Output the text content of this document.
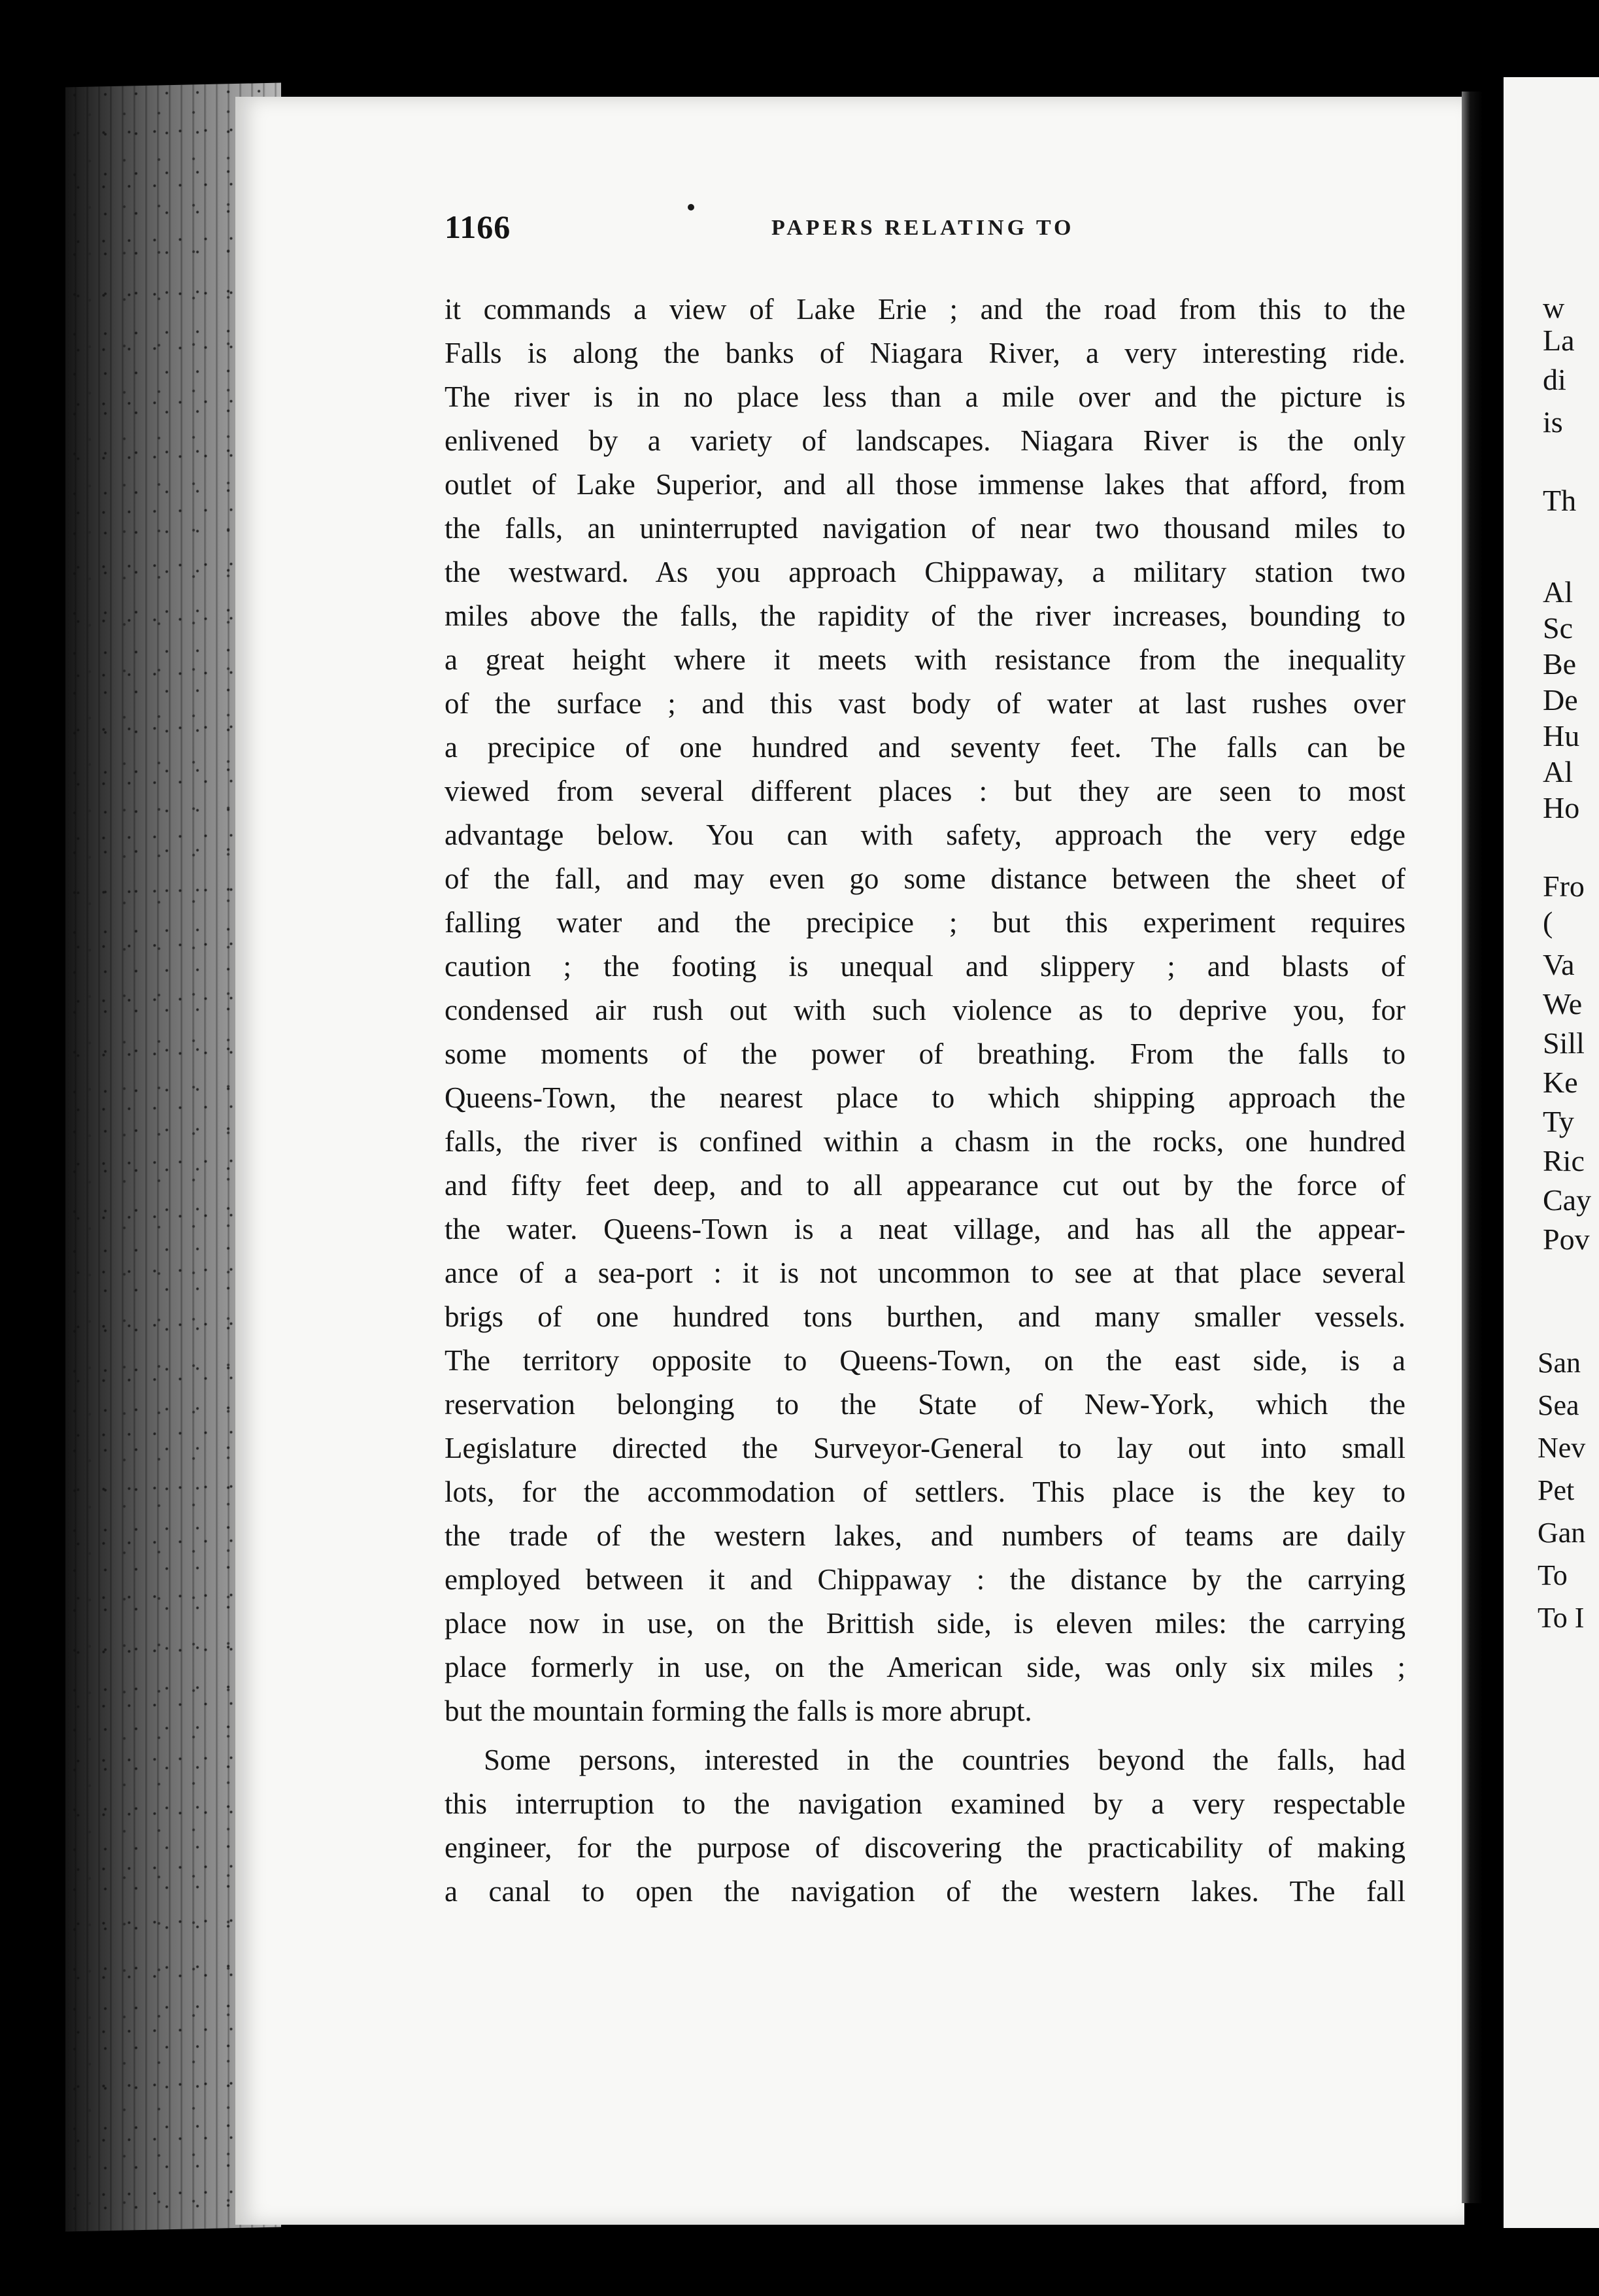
w
La
di
is
Th
Al
Sc
Be
De
Hu
Al
Ho
Fro
(
Va
We
Sill
Ke
Ty
Ric
Cay
Pov
San
Sea
Nev
Pet
Gan
To
To I
1166	PAPERS RELATING TO
it commands a view of Lake Erie ; and the road from this to the
Falls is along the banks of Niagara River, a very interesting ride.
The river is in no place less than a mile over and the picture is
enlivened by a variety of landscapes. Niagara River is the only
outlet of Lake Superior, and all those immense lakes that afford, from
the falls, an uninterrupted navigation of near two thousand miles to
the westward. As you approach Chippaway, a military station two
miles above the falls, the rapidity of the river increases, bounding to
a great height where it meets with resistance from the inequality
of the surface ; and this vast body of water at last rushes over
a precipice of one hundred and seventy feet. The falls can be
viewed from several different places : but they are seen to most
advantage below. You can with safety, approach the very edge
of the fall, and may even go some distance between the sheet of
falling water and the precipice ; but this experiment requires
caution ; the footing is unequal and slippery ; and blasts of
condensed air rush out with such violence as to deprive you, for
some moments of the power of breathing. From the falls to
Queens-Town, the nearest place to which shipping approach the
falls, the river is confined within a chasm in the rocks, one hundred
and fifty feet deep, and to all appearance cut out by the force of
the water. Queens-Town is a neat village, and has all the appear-
ance of a sea-port : it is not uncommon to see at that place several
brigs of one hundred tons burthen, and many smaller vessels.
The territory opposite to Queens-Town, on the east side, is a
reservation belonging to the State of New-York, which the
Legislature directed the Surveyor-General to lay out into small
lots, for the accommodation of settlers. This place is the key to
the trade of the western lakes, and numbers of teams are daily
employed between it and Chippaway : the distance by the carrying
place now in use, on the Brittish side, is eleven miles: the carrying
place formerly in use, on the American side, was only six miles ;
but the mountain forming the falls is more abrupt.
Some persons, interested in the countries beyond the falls, had
this interruption to the navigation examined by a very respectable
engineer, for the purpose of discovering the practicability of making
a canal to open the navigation of the western lakes. The fall
